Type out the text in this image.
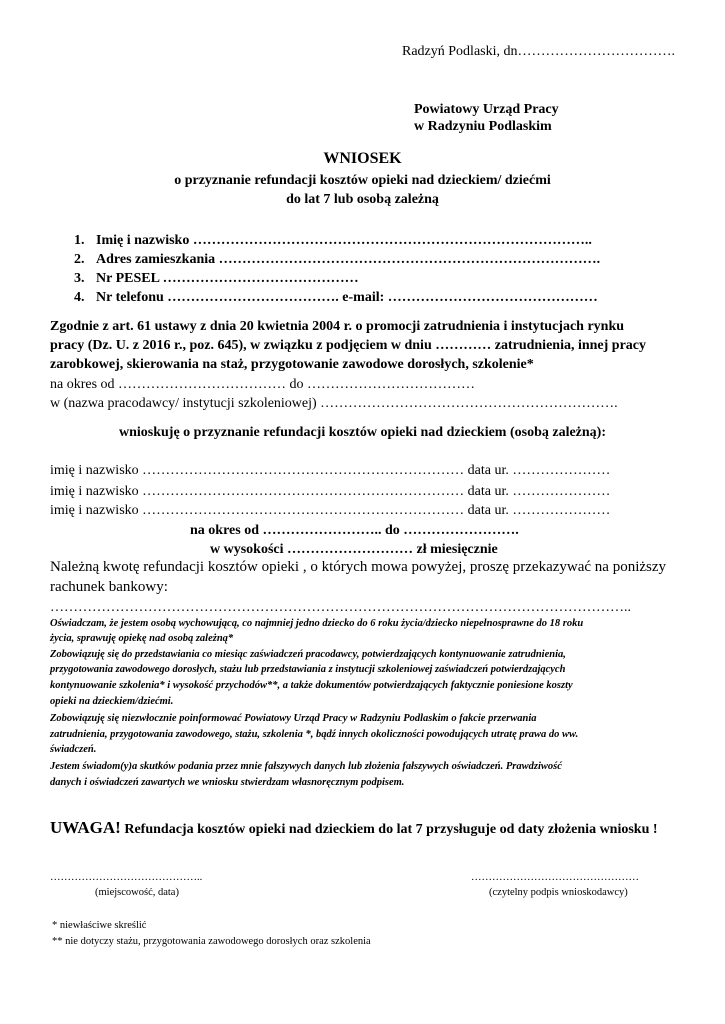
Radzyń Podlaski, dn…………………………….
Powiatowy Urząd Pracy
w Radzyniu Podlaskim
WNIOSEK
o przyznanie refundacji kosztów opieki nad dzieckiem/ dziećmi
do lat 7 lub osobą zależną
1. Imię i nazwisko …………………………………………………………………………..
2. Adres zamieszkania ……………………………………………………………………….
3. Nr PESEL ……………………………………
4. Nr telefonu ………………………………. e-mail: ………………………………………
Zgodnie z art. 61 ustawy z dnia 20 kwietnia 2004 r. o promocji zatrudnienia i instytucjach rynku
pracy (Dz. U. z 2016 r., poz. 645), w związku z podjęciem w dniu ………… zatrudnienia, innej pracy
zarobkowej, skierowania na staż, przygotowanie zawodowe dorosłych, szkolenie*
na okres od ……………………………… do ………………………………
w (nazwa pracodawcy/ instytucji szkoleniowej) ……………………………………………………….
wnioskuję o przyznanie refundacji kosztów opieki nad dzieckiem (osobą zależną):
imię i nazwisko …………………………………………………………… data ur. …………………
imię i nazwisko …………………………………………………………… data ur. …………………
imię i nazwisko …………………………………………………………… data ur. …………………
na okres od …………………….. do …………………….
w wysokości ……………………… zł miesięcznie
Należną kwotę refundacji kosztów opieki , o których mowa powyżej, proszę przekazywać na poniższy
rachunek bankowy:
……………………………………………………………………………………………………………..
Oświadczam, że jestem osobą wychowującą, co najmniej jedno dziecko do 6 roku życia/dziecko niepełnosprawne do 18 roku
życia, sprawuję opiekę nad osobą zależną*
Zobowiązuję się do przedstawiania co miesiąc zaświadczeń pracodawcy, potwierdzających kontynuowanie zatrudnienia,
przygotowania zawodowego dorosłych, stażu lub przedstawiania z instytucji szkoleniowej zaświadczeń potwierdzających
kontynuowanie szkolenia* i wysokość przychodów**, a także dokumentów potwierdzających faktycznie poniesione koszty
opieki na dzieckiem/dziećmi.
Zobowiązuję się niezwłocznie poinformować Powiatowy Urząd Pracy w Radzyniu Podlaskim o fakcie przerwania
zatrudnienia, przygotowania zawodowego, stażu, szkolenia *, bądź innych okoliczności powodujących utratę prawa do ww.
świadczeń.
Jestem świadom(y)a skutków podania przez mnie fałszywych danych lub złożenia fałszywych oświadczeń. Prawdziwość
danych i oświadczeń zawartych we wniosku stwierdzam własnoręcznym podpisem.
UWAGA! Refundacja kosztów opieki nad dzieckiem do lat 7 przysługuje od daty złożenia wniosku !
……………………………………..
(miejscowość, data)
…………………………………………
(czytelny podpis wnioskodawcy)
* niewłaściwe skreślić
** nie dotyczy stażu, przygotowania zawodowego dorosłych oraz szkolenia
